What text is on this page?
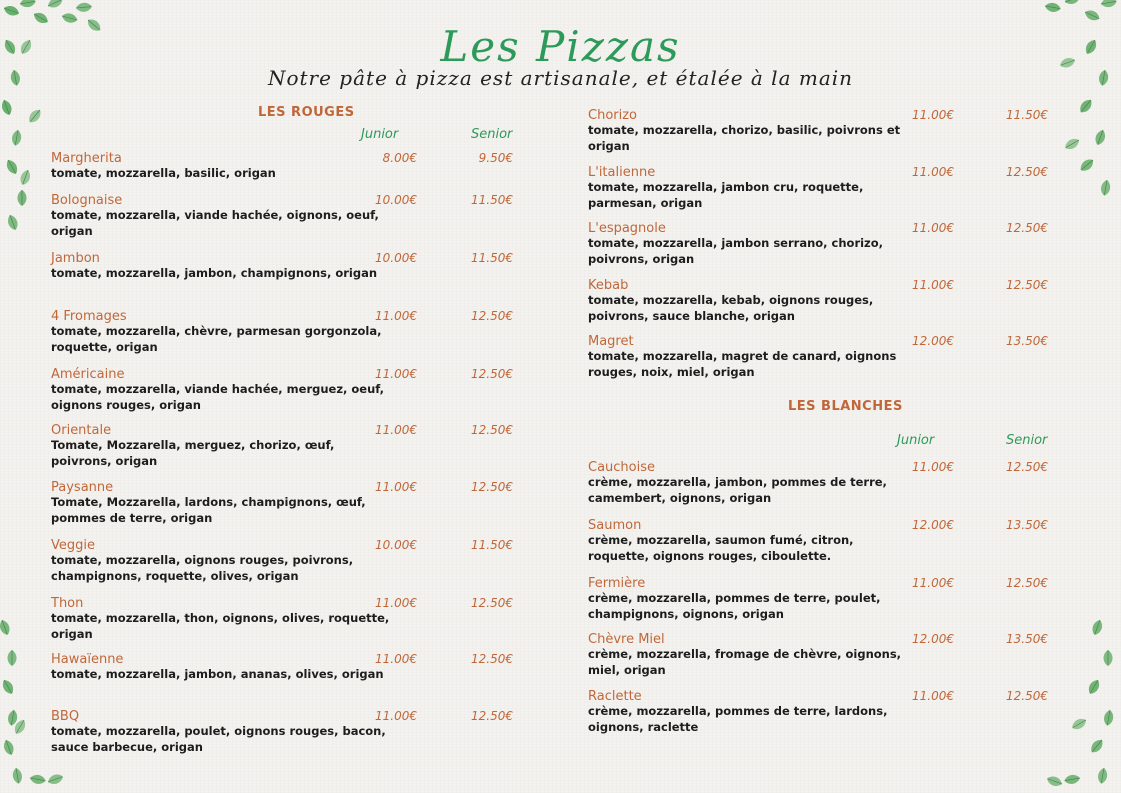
Les Pizzas
Notre pâte à pizza est artisanale, et étalée à la main
LES ROUGES
Junior	Senior
Margherita
tomate, mozzarella, basilic, origan
8.00€	9.50€
Bolognaise
tomate, mozzarella, viande hachée, oignons, oeuf, origan
10.00€	11.50€
Jambon
tomate, mozzarella, jambon, champignons, origan
10.00€	11.50€
4 Fromages
tomate, mozzarella, chèvre, parmesan gorgonzola, roquette, origan
11.00€	12.50€
Américaine
tomate, mozzarella, viande hachée, merguez, oeuf, oignons rouges, origan
11.00€	12.50€
Orientale
Tomate, Mozzarella, merguez, chorizo, œuf, poivrons, origan
11.00€	12.50€
Paysanne
Tomate, Mozzarella, lardons, champignons, œuf, pommes de terre, origan
11.00€	12.50€
Veggie
tomate, mozzarella, oignons rouges, poivrons, champignons, roquette, olives, origan
10.00€	11.50€
Thon
tomate, mozzarella, thon, oignons, olives, roquette, origan
11.00€	12.50€
Hawaïenne
tomate, mozzarella, jambon, ananas, olives, origan
11.00€	12.50€
BBQ
tomate, mozzarella, poulet, oignons rouges, bacon, sauce barbecue, origan
11.00€	12.50€
Chorizo
tomate, mozzarella, chorizo, basilic, poivrons et origan
11.00€	11.50€
L'italienne
tomate, mozzarella, jambon cru, roquette, parmesan, origan
11.00€	12.50€
L'espagnole
tomate, mozzarella, jambon serrano, chorizo, poivrons, origan
11.00€	12.50€
Kebab
tomate, mozzarella, kebab, oignons rouges, poivrons, sauce blanche, origan
11.00€	12.50€
Magret
tomate, mozzarella, magret de canard, oignons rouges, noix, miel, origan
12.00€	13.50€
LES BLANCHES
Junior	Senior
Cauchoise
crème, mozzarella, jambon, pommes de terre, camembert, oignons, origan
11.00€	12.50€
Saumon
crème, mozzarella, saumon fumé, citron, roquette, oignons rouges, ciboulette.
12.00€	13.50€
Fermière
crème, mozzarella, pommes de terre, poulet, champignons, oignons, origan
11.00€	12.50€
Chèvre Miel
crème, mozzarella, fromage de chèvre, oignons, miel, origan
12.00€	13.50€
Raclette
crème, mozzarella, pommes de terre, lardons, oignons, raclette
11.00€	12.50€
